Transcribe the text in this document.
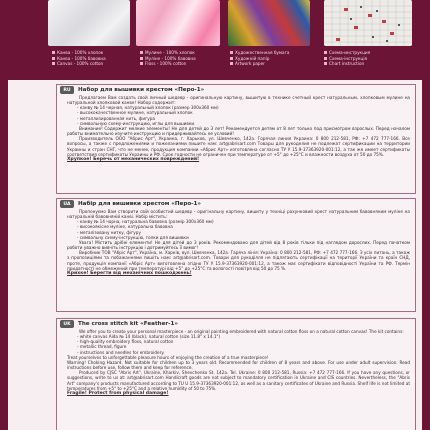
Канва - 100% хлопок
Канва - 100% бавовна
Canvas - 100% cotton
Мулине - 100% хлопок
Муліне - 100% бавовна
Floss - 100% cotton
Художественная бумага
Художній папір
Artwork paper
Схема-инструкция
Схема-інструкція
Chart instruction
RU	Набор для вышивки крестом «Перо-1»

Предлагаем Вам создать свой личный шедевр - оригинальную картину, вышитую в технике счетный крест натуральным, хлопковым мулине на натуральной хлопковой канве! Набор содержит:

- канву № 14 черная, натуральный хлопок (размер 300х360 мм)

- высококачественное мулине, натуральный хлопок

- металлизированная нить, фигура

- символьную схему-инструкцию, иглы для вышивки.

Внимание! Содержит мелкие элементы! Не для детей до 3 лет! Рекомендуется детям от 8 лет только под присмотром взрослых. Перед началом работы внимательно изучите инструкцию и придерживайтесь ее условий!

Производитель ООО "Абрис Арт", Украина, г. Харьков, ул. Шевченко, 142а. Горячая линия Украина: 0 800 212-581, РФ: +7 472 777-166. Все вопросы, а также с предложениями и пожеланиями пишите нам: art@abrisart.com Товары для рукоделия не подлежат сертификации на территории Украины и стран СНГ, что не менее, продукция компании «Абрис Арт» изготовлена согласно ТУ У 15.9-37363920-001:12, а так же имеет сертификаты соответствия сертификаты Украины и РФ. Срок годности не ограничен при температуре от +5° до +25°С и влажности воздуха от 50 до 75%.

Хрупкое! Беречь от механических повреждений!

UA	Набір для вишивки хрестом «Перо-1»

Пропонуємо Вам створити свій особистий шедевр - оригінальну картину, вишиту у техніці рахунковий хрест натуральним бавовняним муліне на натуральній бавовняній канві. Набір містить:

- канву № 14 чорна, натуральна бавовна (розмір 300х360 мм)

- високоякісне муліне, натуральна бавовна

- металізовану нитку, фігуру

- символьну схему-інструкцію, голки для вишивки

Увага! Містить дрібні елементи! Не для дітей до 3 років. Рекомендовано для дітей від 8 років тільки під наглядом дорослих. Перед початком роботи уважно вивчіть інструкцію і дотримуйтесь її вимог!

Виробник ТОВ "Абріс Арт", Україна, м. Харків, вул. Шевченка, 142а. Гаряча лінія: Україна: 0 800 212-581, РФ: +7 472 777-166. З усіх питань, а також з пропозиціями та побажаннями пишіть нам: art@abrisart.com. Товари для рукоділля не підлягають сертифікації на території України та країн СНД, проте, продукція компанії «Абріс Арт» виготовлена згідно ТУ У 15.9-37363920-001:12, а також має сертифікати відповідності України та РФ. Термін придатності не обмежений при температурі від +5° до +25°С та вологості повітря від 50 до 75 %.

Крихке! Берегти від механічних пошкоджень!

UK	The cross stitch kit «Feather-1»

We offer you to create your personal masterpiece - an original painting embroidered with natural cotton floss on a natural cotton canvas! The kit contains:

- white canvas Aida № 14 (black), natural cotton (size 11.8" x 14.1")

- high-quality embroidery floss, natural cotton

- metallic thread, figure

- instructions and needles for embroidery.

Treat yourselves to unforgettable pleasure hours of enjoying the creation of a true masterpiece!

Warning! Choking Hazard. Not suitable for children up to 3 years old. Recommended for children of 8 years and above. For use under adult supervision. Read instructions before use, follow them and keep for reference.

Produced by CJSC "Abris Art", Ukraine, Kharkiv, Shevchenko St. 142a. Tel. Ukraine: 0 800 212-581, Russia: +7 472 777-166. If you have any questions, or suggestions, write to us at: art@abrisart.com Handicraft goods are not subject to mandatory certification in Ukraine and CIS countries. Nevertheless, the "Abris Art" company's products manufactured according to TU U 15.9-37363920-001:12, as well as a sanitary certificates of Ukraine and Russia. Shelf life is not limited at temperatures from +5° to +25°C and a relative humidity of 50 to 75%.

Fragile! Protect from physical damage!
